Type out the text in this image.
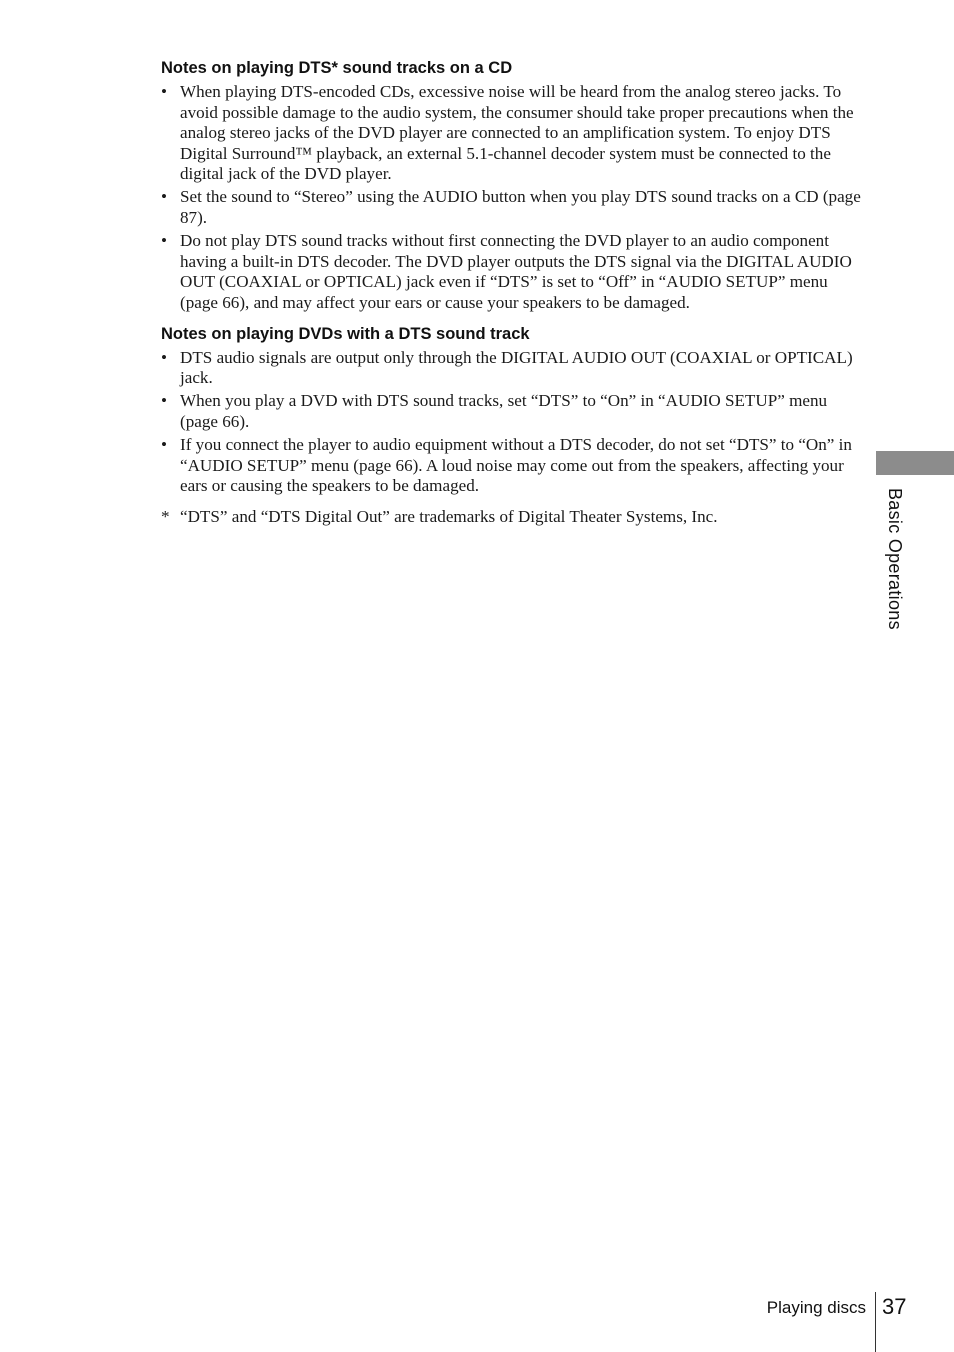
Notes on playing DTS* sound tracks on a CD
• When playing DTS-encoded CDs, excessive noise will be heard from the analog stereo jacks. To avoid possible damage to the audio system, the consumer should take proper precautions when the analog stereo jacks of the DVD player are connected to an amplification system. To enjoy DTS Digital Surround™ playback, an external 5.1-channel decoder system must be connected to the digital jack of the DVD player.
• Set the sound to “Stereo” using the AUDIO button when you play DTS sound tracks on a CD (page 87).
• Do not play DTS sound tracks without first connecting the DVD player to an audio component having a built-in DTS decoder. The DVD player outputs the DTS signal via the DIGITAL AUDIO OUT (COAXIAL or OPTICAL) jack even if “DTS” is set to “Off” in “AUDIO SETUP” menu (page 66), and may affect your ears or cause your speakers to be damaged.
Notes on playing DVDs with a DTS sound track
• DTS audio signals are output only through the DIGITAL AUDIO OUT (COAXIAL or OPTICAL) jack.
• When you play a DVD with DTS sound tracks, set “DTS” to “On” in “AUDIO SETUP” menu (page 66).
• If you connect the player to audio equipment without a DTS decoder, do not set “DTS” to “On” in “AUDIO SETUP” menu (page 66). A loud noise may come out from the speakers, affecting your ears or causing the speakers to be damaged.
* “DTS” and “DTS Digital Out” are trademarks of Digital Theater Systems, Inc.	Basic Operations
Playing discs 37
